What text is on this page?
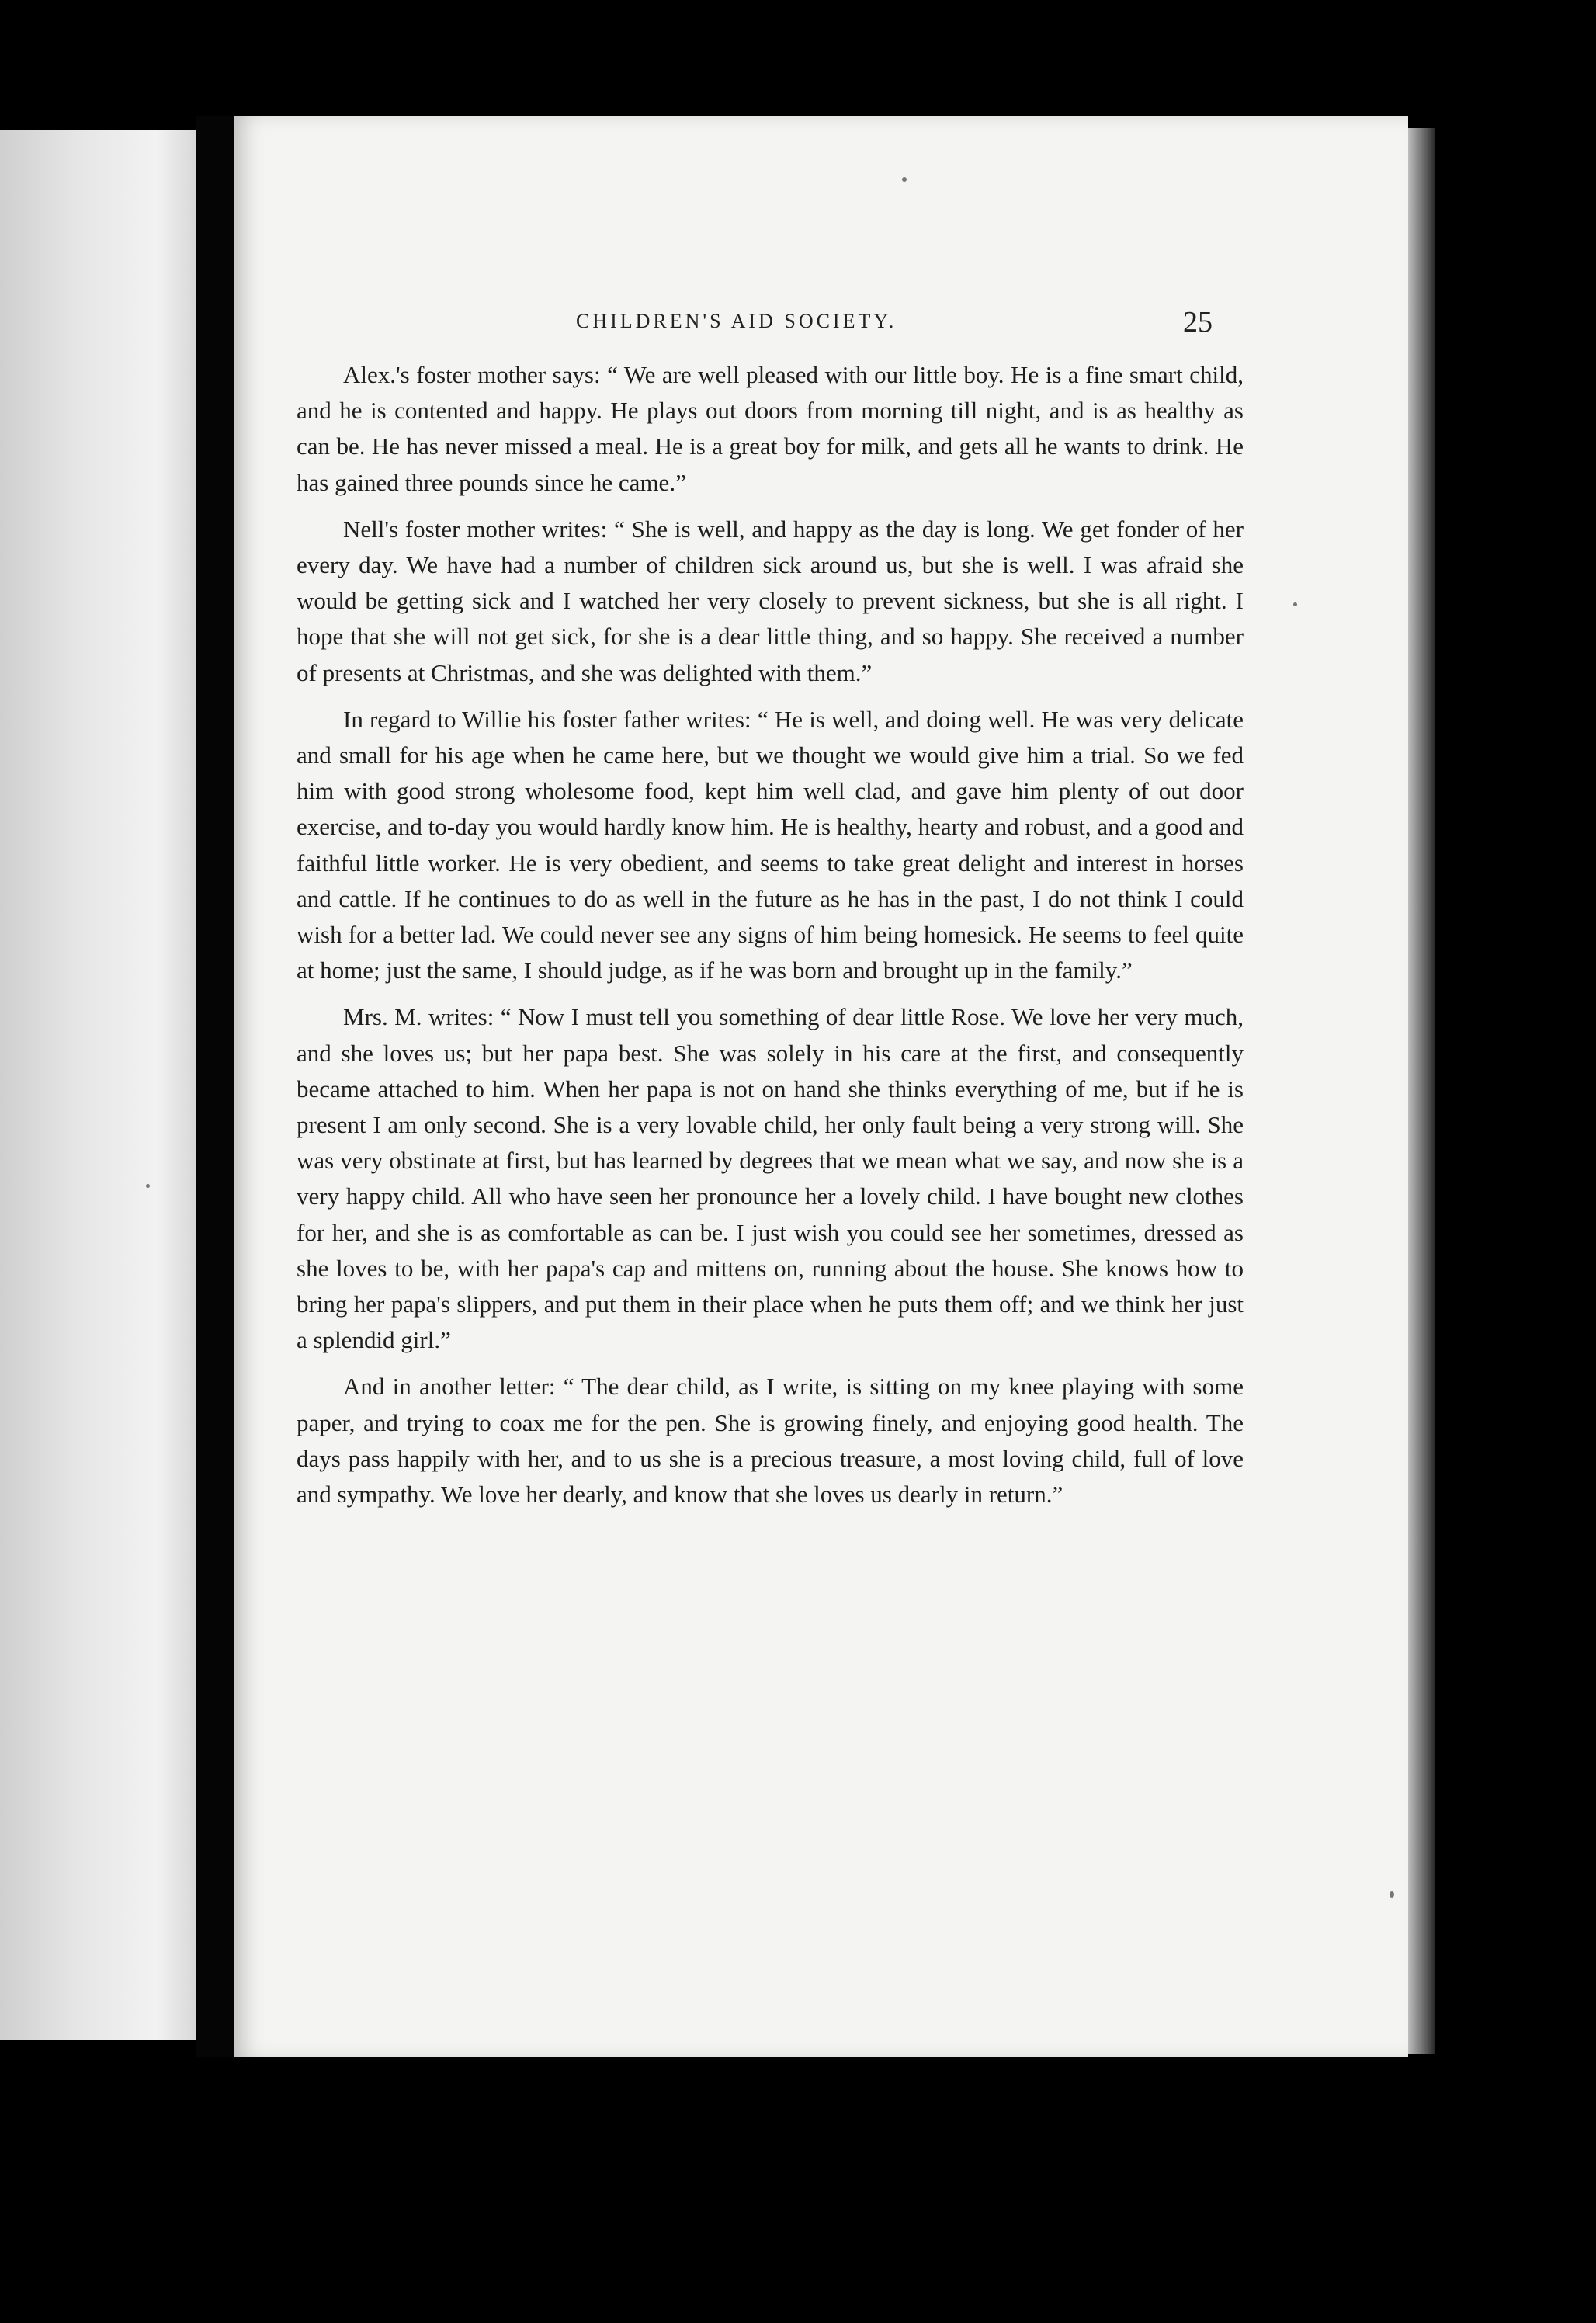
CHILDREN'S AID SOCIETY.	25

Alex.'s foster mother says: “ We are well pleased with our little boy. He is a fine smart child, and he is contented and happy. He plays out doors from morning till night, and is as healthy as can be. He has never missed a meal. He is a great boy for milk, and gets all he wants to drink. He has gained three pounds since he came.”

Nell's foster mother writes: “ She is well, and happy as the day is long. We get fonder of her every day. We have had a number of children sick around us, but she is well. I was afraid she would be getting sick and I watched her very closely to prevent sickness, but she is all right. I hope that she will not get sick, for she is a dear little thing, and so happy. She received a number of presents at Christmas, and she was delighted with them.”

In regard to Willie his foster father writes: “ He is well, and doing well. He was very delicate and small for his age when he came here, but we thought we would give him a trial. So we fed him with good strong wholesome food, kept him well clad, and gave him plenty of out door exercise, and to-day you would hardly know him. He is healthy, hearty and robust, and a good and faithful little worker. He is very obedient, and seems to take great delight and interest in horses and cattle. If he continues to do as well in the future as he has in the past, I do not think I could wish for a better lad. We could never see any signs of him being homesick. He seems to feel quite at home; just the same, I should judge, as if he was born and brought up in the family.”

Mrs. M. writes: “ Now I must tell you something of dear little Rose. We love her very much, and she loves us; but her papa best. She was solely in his care at the first, and consequently became attached to him. When her papa is not on hand she thinks everything of me, but if he is present I am only second. She is a very lovable child, her only fault being a very strong will. She was very obstinate at first, but has learned by degrees that we mean what we say, and now she is a very happy child. All who have seen her pronounce her a lovely child. I have bought new clothes for her, and she is as comfortable as can be. I just wish you could see her sometimes, dressed as she loves to be, with her papa's cap and mittens on, running about the house. She knows how to bring her papa's slippers, and put them in their place when he puts them off; and we think her just a splendid girl.”

And in another letter: “ The dear child, as I write, is sitting on my knee playing with some paper, and trying to coax me for the pen. She is growing finely, and enjoying good health. The days pass happily with her, and to us she is a precious treasure, a most loving child, full of love and sympathy. We love her dearly, and know that she loves us dearly in return.”
